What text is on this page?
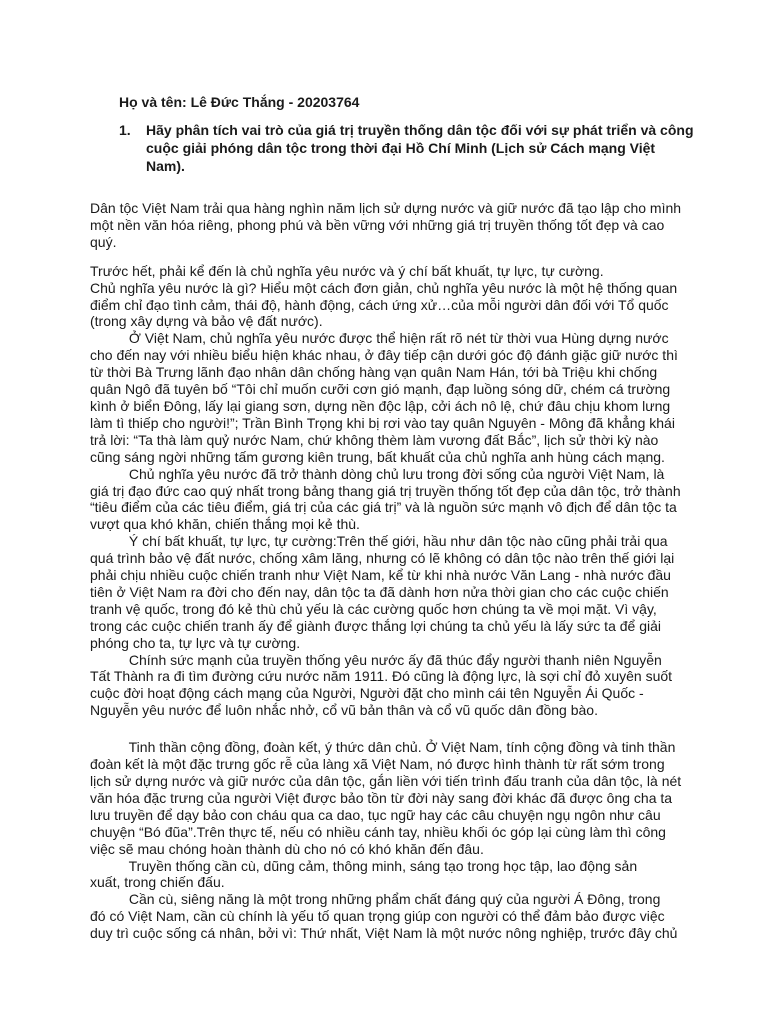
Họ và tên: Lê Đức Thắng - 20203764
1. Hãy phân tích vai trò của giá trị truyền thống dân tộc đối với sự phát triển và công
cuộc giải phóng dân tộc trong thời đại Hồ Chí Minh (Lịch sử Cách mạng Việt
Nam).

Dân tộc Việt Nam trải qua hàng nghìn năm lịch sử dựng nước và giữ nước đã tạo lập cho mình
một nền văn hóa riêng, phong phú và bền vững với những giá trị truyền thống tốt đẹp và cao
quý.

Trước hết, phải kể đến là chủ nghĩa yêu nước và ý chí bất khuất, tự lực, tự cường.
Chủ nghĩa yêu nước là gì? Hiểu một cách đơn giản, chủ nghĩa yêu nước là một hệ thống quan
điểm chỉ đạo tình cảm, thái độ, hành động, cách ứng xử…của mỗi người dân đối với Tổ quốc
(trong xây dựng và bảo vệ đất nước).
Ở Việt Nam, chủ nghĩa yêu nước được thể hiện rất rõ nét từ thời vua Hùng dựng nước
cho đến nay với nhiều biểu hiện khác nhau, ở đây tiếp cận dưới góc độ đánh giặc giữ nước thì
từ thời Bà Trưng lãnh đạo nhân dân chống hàng vạn quân Nam Hán, tới bà Triệu khi chống
quân Ngô đã tuyên bố “Tôi chỉ muốn cưỡi cơn gió mạnh, đạp luồng sóng dữ, chém cá trường
kình ở biển Đông, lấy lại giang sơn, dựng nền độc lập, cởi ách nô lệ, chứ đâu chịu khom lưng
làm tì thiếp cho người!”; Trần Bình Trọng khi bị rơi vào tay quân Nguyên - Mông đã khẳng khái
trả lời: “Ta thà làm quỷ nước Nam, chứ không thèm làm vương đất Bắc”, lịch sử thời kỳ nào
cũng sáng ngời những tấm gương kiên trung, bất khuất của chủ nghĩa anh hùng cách mạng.
Chủ nghĩa yêu nước đã trở thành dòng chủ lưu trong đời sống của người Việt Nam, là
giá trị đạo đức cao quý nhất trong bảng thang giá trị truyền thống tốt đẹp của dân tộc, trở thành
“tiêu điểm của các tiêu điểm, giá trị của các giá trị” và là nguồn sức mạnh vô địch để dân tộc ta
vượt qua khó khăn, chiến thắng mọi kẻ thù.
Ý chí bất khuất, tự lực, tự cường:Trên thế giới, hầu như dân tộc nào cũng phải trải qua
quá trình bảo vệ đất nước, chống xâm lăng, nhưng có lẽ không có dân tộc nào trên thế giới lại
phải chịu nhiều cuộc chiến tranh như Việt Nam, kể từ khi nhà nước Văn Lang - nhà nước đầu
tiên ở Việt Nam ra đời cho đến nay, dân tộc ta đã dành hơn nửa thời gian cho các cuộc chiến
tranh vệ quốc, trong đó kẻ thù chủ yếu là các cường quốc hơn chúng ta về mọi mặt. Vì vậy,
trong các cuộc chiến tranh ấy để giành được thắng lợi chúng ta chủ yếu là lấy sức ta để giải
phóng cho ta, tự lực và tự cường.
Chính sức mạnh của truyền thống yêu nước ấy đã thúc đẩy người thanh niên Nguyễn
Tất Thành ra đi tìm đường cứu nước năm 1911. Đó cũng là động lực, là sợi chỉ đỏ xuyên suốt
cuộc đời hoạt động cách mạng của Người, Người đặt cho mình cái tên Nguyễn Ái Quốc -
Nguyễn yêu nước để luôn nhắc nhở, cổ vũ bản thân và cổ vũ quốc dân đồng bào.

Tinh thần cộng đồng, đoàn kết, ý thức dân chủ. Ở Việt Nam, tính cộng đồng và tinh thần
đoàn kết là một đặc trưng gốc rễ của làng xã Việt Nam, nó được hình thành từ rất sớm trong
lịch sử dựng nước và giữ nước của dân tộc, gắn liền với tiến trình đấu tranh của dân tộc, là nét
văn hóa đặc trưng của người Việt được bảo tồn từ đời này sang đời khác đã được ông cha ta
lưu truyền để dạy bảo con cháu qua ca dao, tục ngữ hay các câu chuyện ngụ ngôn như câu
chuyện “Bó đũa”.Trên thực tế, nếu có nhiều cánh tay, nhiều khối óc góp lại cùng làm thì công
việc sẽ mau chóng hoàn thành dù cho nó có khó khăn đến đâu.
Truyền thống cần cù, dũng cảm, thông minh, sáng tạo trong học tập, lao động sản
xuất, trong chiến đấu.
Cần cù, siêng năng là một trong những phẩm chất đáng quý của người Á Đông, trong
đó có Việt Nam, cần cù chính là yếu tố quan trọng giúp con người có thể đảm bảo được việc
duy trì cuộc sống cá nhân, bởi vì: Thứ nhất, Việt Nam là một nước nông nghiệp, trước đây chủ
